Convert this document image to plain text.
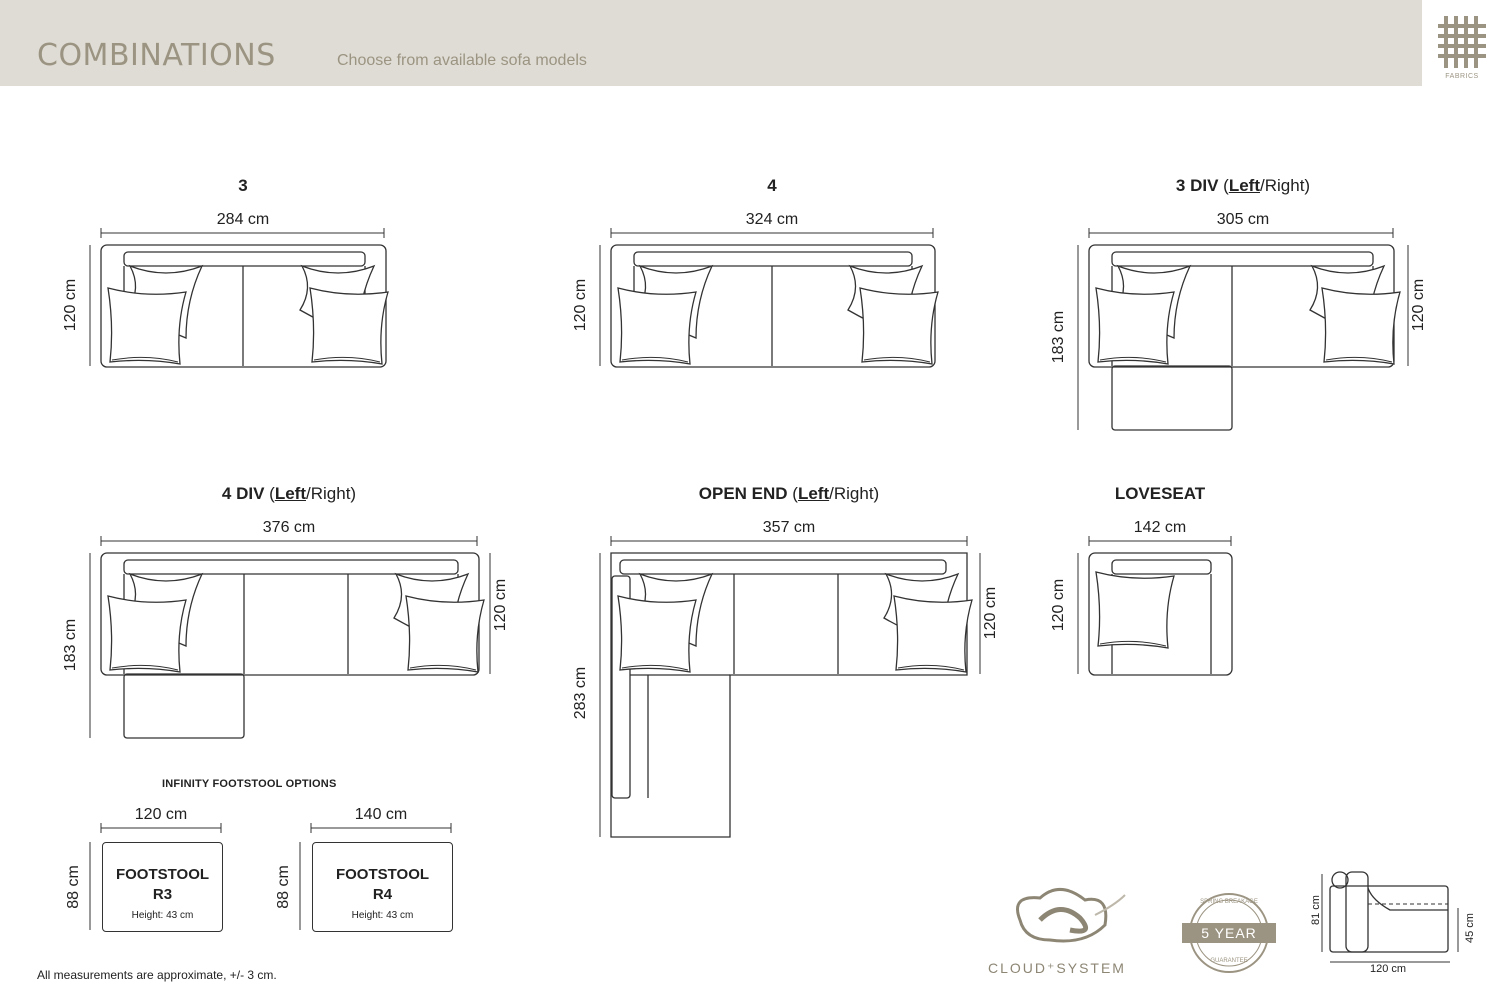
COMBINATIONS	Choose from available sofa models
FABRICS
3
284 cm
120 cm
4
324 cm
120 cm
3 DIV (Left/Right)
305 cm
183 cm
120 cm
4 DIV (Left/Right)
376 cm
183 cm
120 cm
OPEN END (Left/Right)
357 cm
283 cm
120 cm
LOVESEAT
142 cm
120 cm
INFINITY FOOTSTOOL OPTIONS
120 cm
88 cm	FOOTSTOOL
R3
Height: 43 cm
140 cm
88 cm	FOOTSTOOL
R4
Height: 43 cm
All measurements are approximate, +/- 3 cm.	CLOUD⁺SYSTEM
SPRING BREAKAGE
5 YEAR
GUARANTEE
81 cm
45 cm
120 cm
